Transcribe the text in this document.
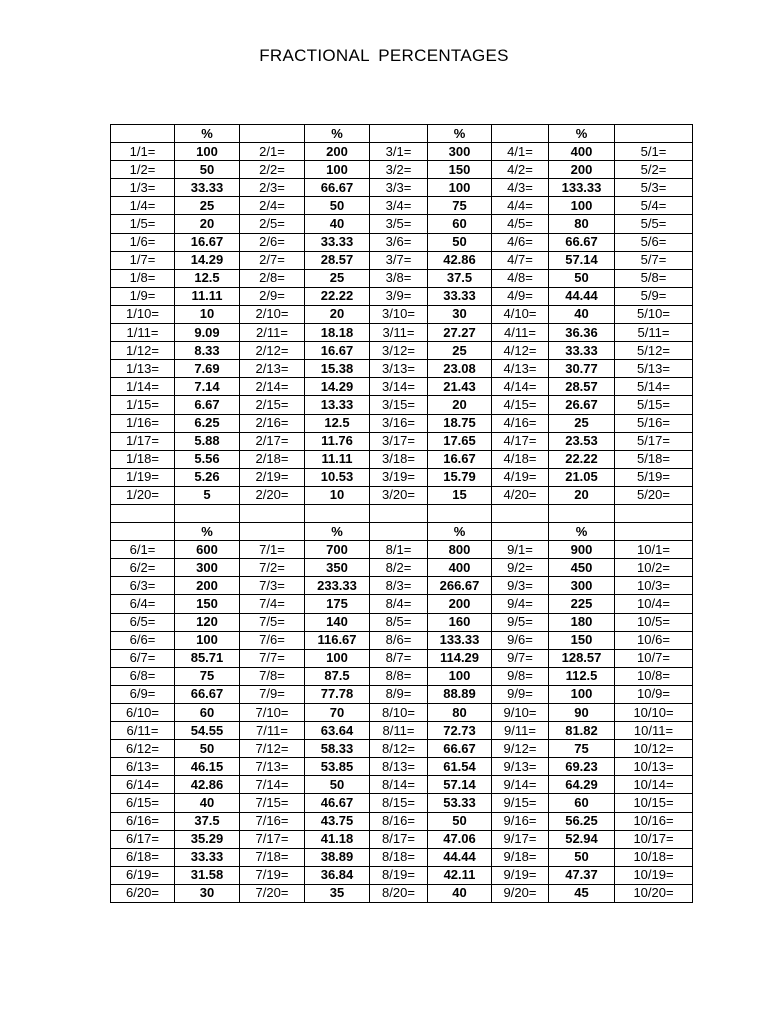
FRACTIONAL PERCENTAGES
	%		%		%		%	
1/1=	100	2/1=	200	3/1=	300	4/1=	400	5/1=
1/2=	50	2/2=	100	3/2=	150	4/2=	200	5/2=
1/3=	33.33	2/3=	66.67	3/3=	100	4/3=	133.33	5/3=
1/4=	25	2/4=	50	3/4=	75	4/4=	100	5/4=
1/5=	20	2/5=	40	3/5=	60	4/5=	80	5/5=
1/6=	16.67	2/6=	33.33	3/6=	50	4/6=	66.67	5/6=
1/7=	14.29	2/7=	28.57	3/7=	42.86	4/7=	57.14	5/7=
1/8=	12.5	2/8=	25	3/8=	37.5	4/8=	50	5/8=
1/9=	11.11	2/9=	22.22	3/9=	33.33	4/9=	44.44	5/9=
1/10=	10	2/10=	20	3/10=	30	4/10=	40	5/10=
1/11=	9.09	2/11=	18.18	3/11=	27.27	4/11=	36.36	5/11=
1/12=	8.33	2/12=	16.67	3/12=	25	4/12=	33.33	5/12=
1/13=	7.69	2/13=	15.38	3/13=	23.08	4/13=	30.77	5/13=
1/14=	7.14	2/14=	14.29	3/14=	21.43	4/14=	28.57	5/14=
1/15=	6.67	2/15=	13.33	3/15=	20	4/15=	26.67	5/15=
1/16=	6.25	2/16=	12.5	3/16=	18.75	4/16=	25	5/16=
1/17=	5.88	2/17=	11.76	3/17=	17.65	4/17=	23.53	5/17=
1/18=	5.56	2/18=	11.11	3/18=	16.67	4/18=	22.22	5/18=
1/19=	5.26	2/19=	10.53	3/19=	15.79	4/19=	21.05	5/19=
1/20=	5	2/20=	10	3/20=	15	4/20=	20	5/20=

	%		%		%		%	
6/1=	600	7/1=	700	8/1=	800	9/1=	900	10/1=
6/2=	300	7/2=	350	8/2=	400	9/2=	450	10/2=
6/3=	200	7/3=	233.33	8/3=	266.67	9/3=	300	10/3=
6/4=	150	7/4=	175	8/4=	200	9/4=	225	10/4=
6/5=	120	7/5=	140	8/5=	160	9/5=	180	10/5=
6/6=	100	7/6=	116.67	8/6=	133.33	9/6=	150	10/6=
6/7=	85.71	7/7=	100	8/7=	114.29	9/7=	128.57	10/7=
6/8=	75	7/8=	87.5	8/8=	100	9/8=	112.5	10/8=
6/9=	66.67	7/9=	77.78	8/9=	88.89	9/9=	100	10/9=
6/10=	60	7/10=	70	8/10=	80	9/10=	90	10/10=
6/11=	54.55	7/11=	63.64	8/11=	72.73	9/11=	81.82	10/11=
6/12=	50	7/12=	58.33	8/12=	66.67	9/12=	75	10/12=
6/13=	46.15	7/13=	53.85	8/13=	61.54	9/13=	69.23	10/13=
6/14=	42.86	7/14=	50	8/14=	57.14	9/14=	64.29	10/14=
6/15=	40	7/15=	46.67	8/15=	53.33	9/15=	60	10/15=
6/16=	37.5	7/16=	43.75	8/16=	50	9/16=	56.25	10/16=
6/17=	35.29	7/17=	41.18	8/17=	47.06	9/17=	52.94	10/17=
6/18=	33.33	7/18=	38.89	8/18=	44.44	9/18=	50	10/18=
6/19=	31.58	7/19=	36.84	8/19=	42.11	9/19=	47.37	10/19=
6/20=	30	7/20=	35	8/20=	40	9/20=	45	10/20=
